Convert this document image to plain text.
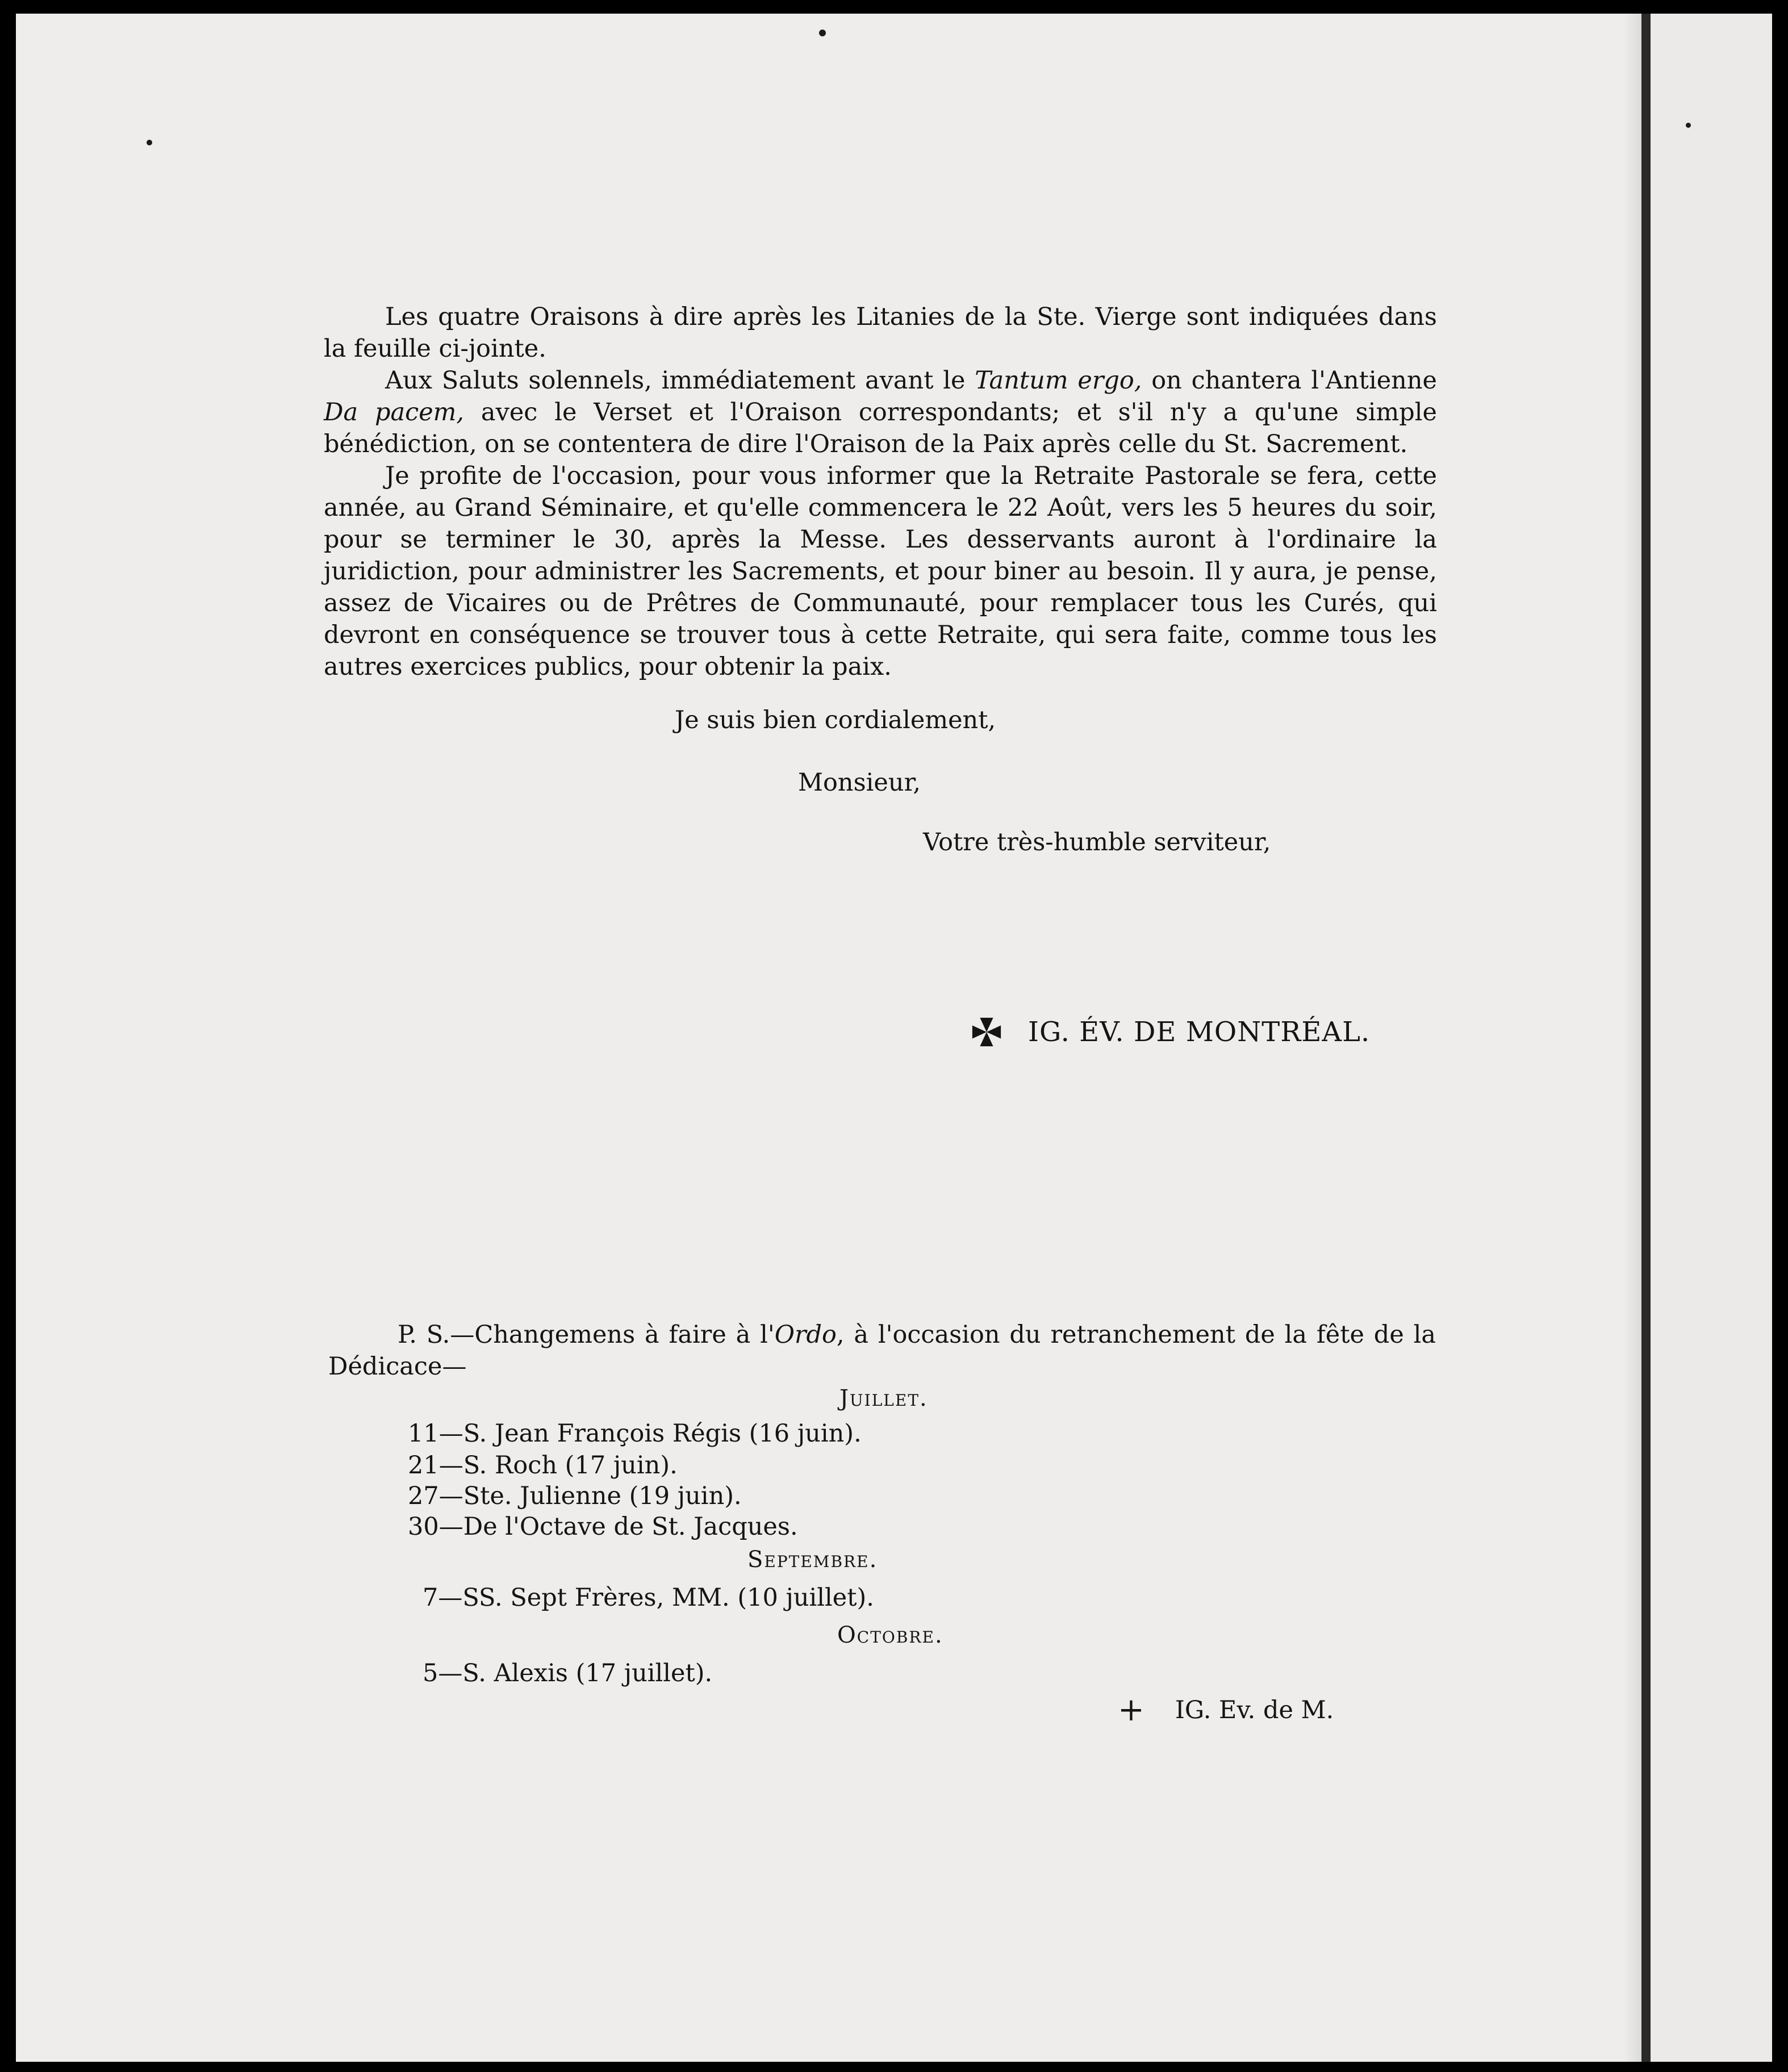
Les quatre Oraisons à dire après les Litanies de la Ste. Vierge sont indiquées dans la feuille ci-jointe.

Aux Saluts solennels, immédiatement avant le Tantum ergo, on chantera l'Antienne Da pacem, avec le Verset et l'Oraison correspondants; et s'il n'y a qu'une simple bénédiction, on se contentera de dire l'Oraison de la Paix après celle du St. Sacrement.

Je profite de l'occasion, pour vous informer que la Retraite Pastorale se fera, cette année, au Grand Séminaire, et qu'elle commencera le 22 Août, vers les 5 heures du soir, pour se terminer le 30, après la Messe. Les desservants auront à l'ordinaire la juridiction, pour administrer les Sacrements, et pour biner au besoin. Il y aura, je pense, assez de Vicaires ou de Prêtres de Communauté, pour remplacer tous les Curés, qui devront en conséquence se trouver tous à cette Retraite, qui sera faite, comme tous les autres exercices publics, pour obtenir la paix.

Je suis bien cordialement,
Monsieur,
Votre très-humble serviteur,
IG. ÉV. DE MONTRÉAL.

P. S.—Changemens à faire à l'Ordo, à l'occasion du retranchement de la fête de la Dédicace—

Juillet.
11—S. Jean François Régis (16 juin).
21—S. Roch (17 juin).
27—Ste. Julienne (19 juin).
30—De l'Octave de St. Jacques.
Septembre.
7—SS. Sept Frères, MM. (10 juillet).
Octobre.
5—S. Alexis (17 juillet).
+ IG. Ev. de M.
